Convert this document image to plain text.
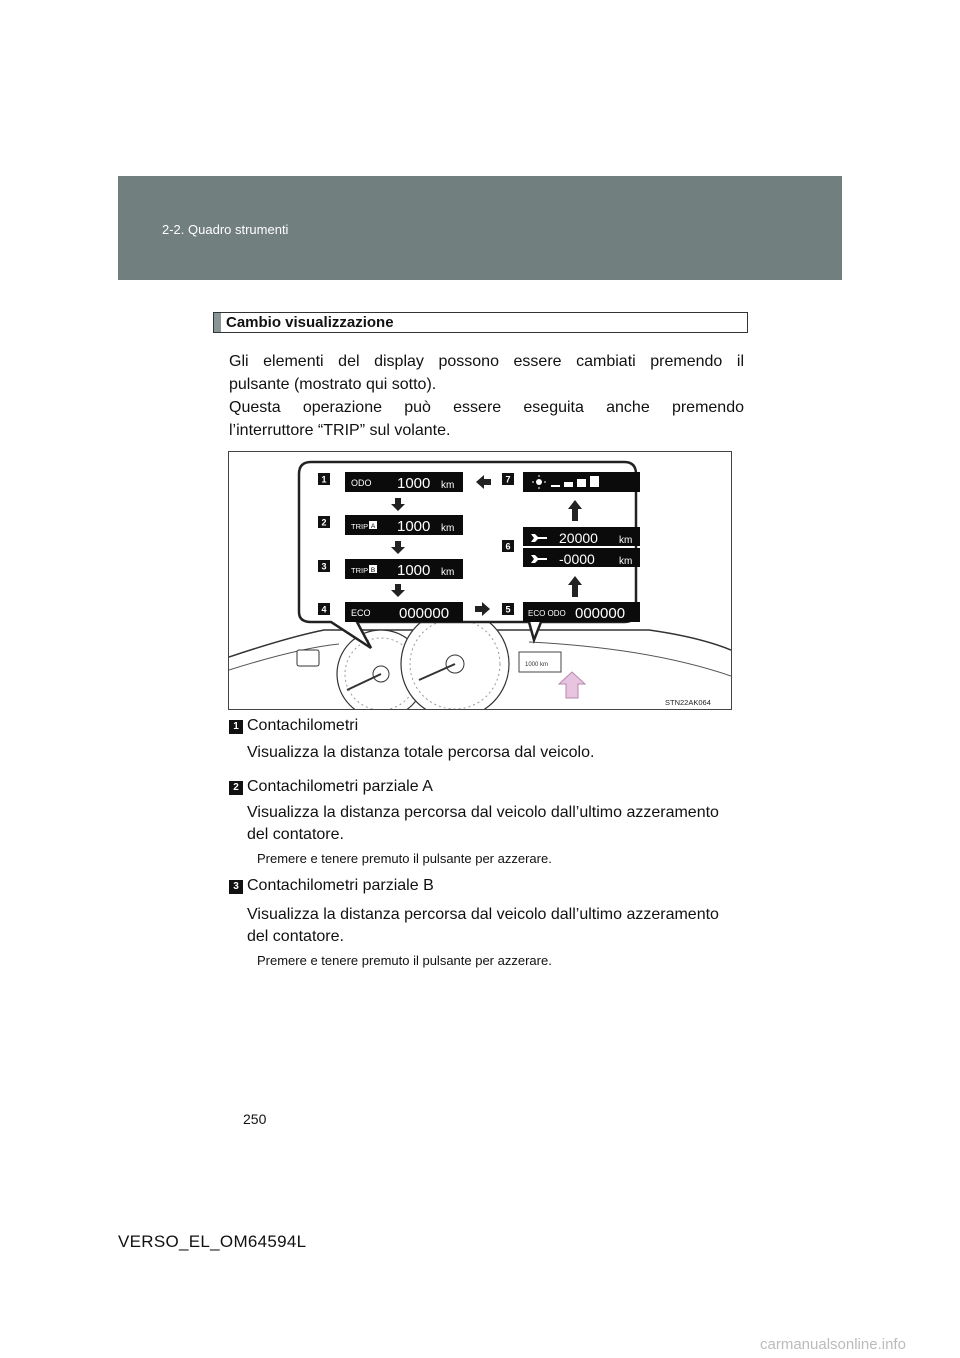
2-2. Quadro strumenti
Cambio visualizzazione
Gli elementi del display possono essere cambiati premendo il
pulsante (mostrato qui sotto).
Questa operazione può essere eseguita anche premendo
l’interruttore “TRIP” sul volante.
1000 km
1	ODO 1000 km
2	TRIP A 1000 km
3	TRIP B 1000 km
4	ECO 000000	5 ECO ODO 000000
6
20000 km
-0000 km
7
STN22AK064
1 Contachilometri
Visualizza la distanza totale percorsa dal veicolo.
2 Contachilometri parziale A
Visualizza la distanza percorsa dal veicolo dall’ultimo azzeramento
del contatore.
Premere e tenere premuto il pulsante per azzerare.
3 Contachilometri parziale B
Visualizza la distanza percorsa dal veicolo dall’ultimo azzeramento
del contatore.
Premere e tenere premuto il pulsante per azzerare.
250
VERSO_EL_OM64594L
carmanualsonline.info
